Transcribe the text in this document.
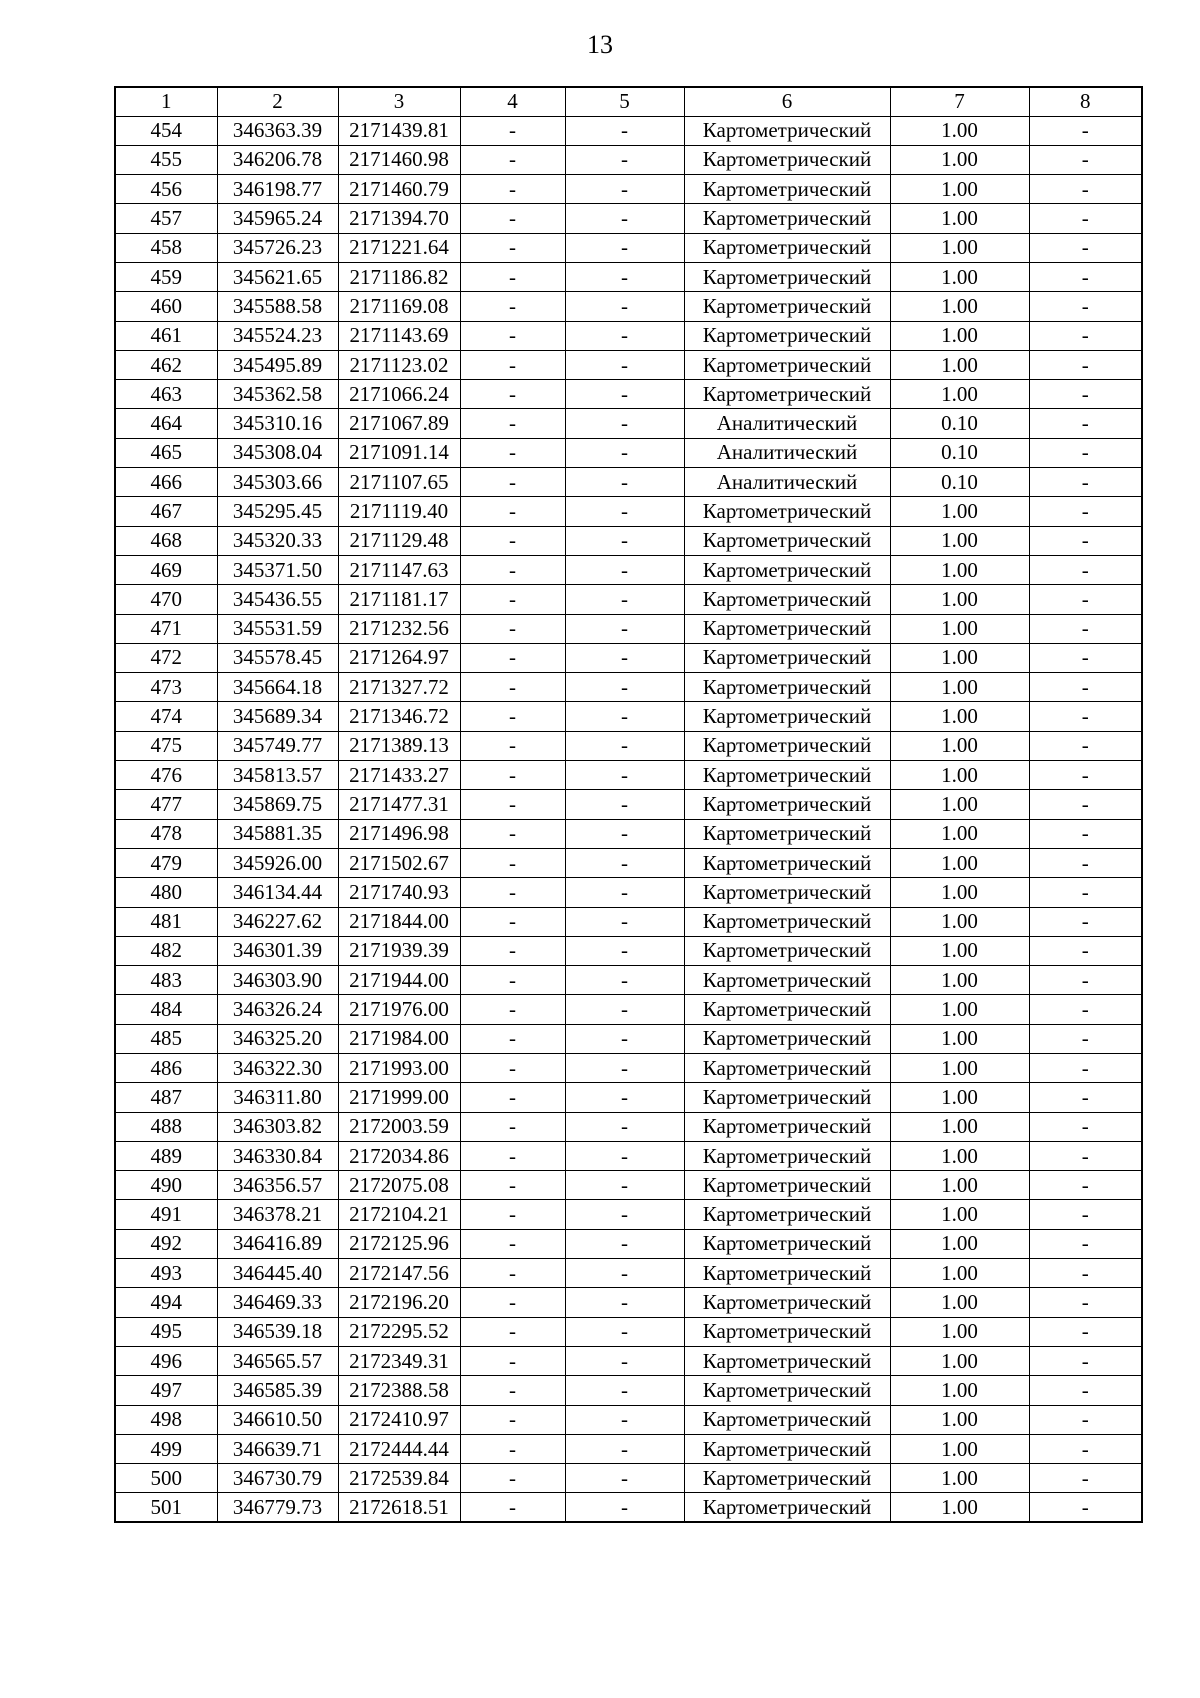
13
1	2	3	4	5	6	7	8
454	346363.39	2171439.81	-	-	Картометрический	1.00	-
455	346206.78	2171460.98	-	-	Картометрический	1.00	-
456	346198.77	2171460.79	-	-	Картометрический	1.00	-
457	345965.24	2171394.70	-	-	Картометрический	1.00	-
458	345726.23	2171221.64	-	-	Картометрический	1.00	-
459	345621.65	2171186.82	-	-	Картометрический	1.00	-
460	345588.58	2171169.08	-	-	Картометрический	1.00	-
461	345524.23	2171143.69	-	-	Картометрический	1.00	-
462	345495.89	2171123.02	-	-	Картометрический	1.00	-
463	345362.58	2171066.24	-	-	Картометрический	1.00	-
464	345310.16	2171067.89	-	-	Аналитический	0.10	-
465	345308.04	2171091.14	-	-	Аналитический	0.10	-
466	345303.66	2171107.65	-	-	Аналитический	0.10	-
467	345295.45	2171119.40	-	-	Картометрический	1.00	-
468	345320.33	2171129.48	-	-	Картометрический	1.00	-
469	345371.50	2171147.63	-	-	Картометрический	1.00	-
470	345436.55	2171181.17	-	-	Картометрический	1.00	-
471	345531.59	2171232.56	-	-	Картометрический	1.00	-
472	345578.45	2171264.97	-	-	Картометрический	1.00	-
473	345664.18	2171327.72	-	-	Картометрический	1.00	-
474	345689.34	2171346.72	-	-	Картометрический	1.00	-
475	345749.77	2171389.13	-	-	Картометрический	1.00	-
476	345813.57	2171433.27	-	-	Картометрический	1.00	-
477	345869.75	2171477.31	-	-	Картометрический	1.00	-
478	345881.35	2171496.98	-	-	Картометрический	1.00	-
479	345926.00	2171502.67	-	-	Картометрический	1.00	-
480	346134.44	2171740.93	-	-	Картометрический	1.00	-
481	346227.62	2171844.00	-	-	Картометрический	1.00	-
482	346301.39	2171939.39	-	-	Картометрический	1.00	-
483	346303.90	2171944.00	-	-	Картометрический	1.00	-
484	346326.24	2171976.00	-	-	Картометрический	1.00	-
485	346325.20	2171984.00	-	-	Картометрический	1.00	-
486	346322.30	2171993.00	-	-	Картометрический	1.00	-
487	346311.80	2171999.00	-	-	Картометрический	1.00	-
488	346303.82	2172003.59	-	-	Картометрический	1.00	-
489	346330.84	2172034.86	-	-	Картометрический	1.00	-
490	346356.57	2172075.08	-	-	Картометрический	1.00	-
491	346378.21	2172104.21	-	-	Картометрический	1.00	-
492	346416.89	2172125.96	-	-	Картометрический	1.00	-
493	346445.40	2172147.56	-	-	Картометрический	1.00	-
494	346469.33	2172196.20	-	-	Картометрический	1.00	-
495	346539.18	2172295.52	-	-	Картометрический	1.00	-
496	346565.57	2172349.31	-	-	Картометрический	1.00	-
497	346585.39	2172388.58	-	-	Картометрический	1.00	-
498	346610.50	2172410.97	-	-	Картометрический	1.00	-
499	346639.71	2172444.44	-	-	Картометрический	1.00	-
500	346730.79	2172539.84	-	-	Картометрический	1.00	-
501	346779.73	2172618.51	-	-	Картометрический	1.00	-
